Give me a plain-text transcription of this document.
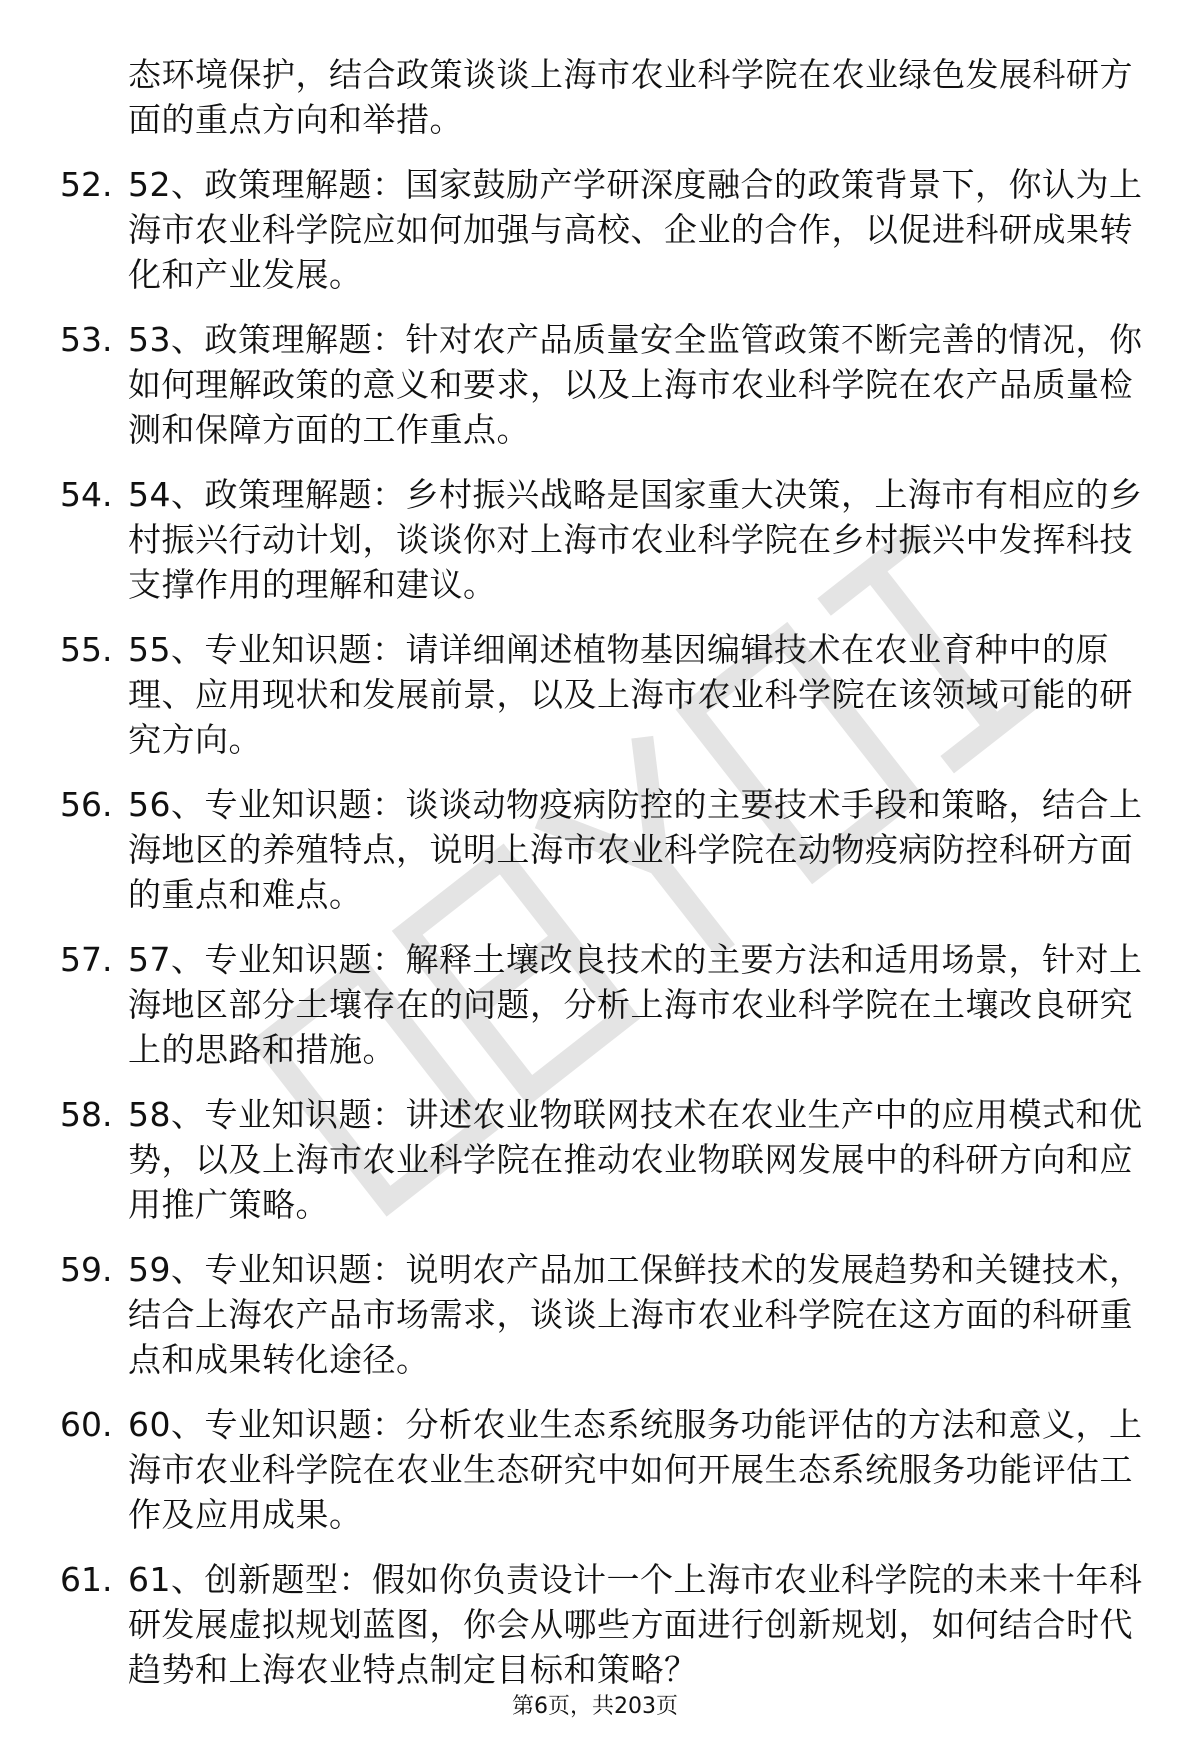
态环境保护，结合政策谈谈上海市农业科学院在农业绿色发展科研方面的重点方向和举措。
52. 52、政策理解题：国家鼓励产学研深度融合的政策背景下，你认为上海市农业科学院应如何加强与高校、企业的合作，以促进科研成果转化和产业发展。
53. 53、政策理解题：针对农产品质量安全监管政策不断完善的情况，你如何理解政策的意义和要求，以及上海市农业科学院在农产品质量检测和保障方面的工作重点。
54. 54、政策理解题：乡村振兴战略是国家重大决策，上海市有相应的乡村振兴行动计划，谈谈你对上海市农业科学院在乡村振兴中发挥科技支撑作用的理解和建议。
55. 55、专业知识题：请详细阐述植物基因编辑技术在农业育种中的原理、应用现状和发展前景，以及上海市农业科学院在该领域可能的研究方向。
56. 56、专业知识题：谈谈动物疫病防控的主要技术手段和策略，结合上海地区的养殖特点，说明上海市农业科学院在动物疫病防控科研方面的重点和难点。
57. 57、专业知识题：解释土壤改良技术的主要方法和适用场景，针对上海地区部分土壤存在的问题，分析上海市农业科学院在土壤改良研究上的思路和措施。
58. 58、专业知识题：讲述农业物联网技术在农业生产中的应用模式和优势，以及上海市农业科学院在推动农业物联网发展中的科研方向和应用推广策略。
59. 59、专业知识题：说明农产品加工保鲜技术的发展趋势和关键技术，结合上海农产品市场需求，谈谈上海市农业科学院在这方面的科研重点和成果转化途径。
60. 60、专业知识题：分析农业生态系统服务功能评估的方法和意义，上海市农业科学院在农业生态研究中如何开展生态系统服务功能评估工作及应用成果。
61. 61、创新题型：假如你负责设计一个上海市农业科学院的未来十年科研发展虚拟规划蓝图，你会从哪些方面进行创新规划，如何结合时代趋势和上海农业特点制定目标和策略？
第6页，共203页
